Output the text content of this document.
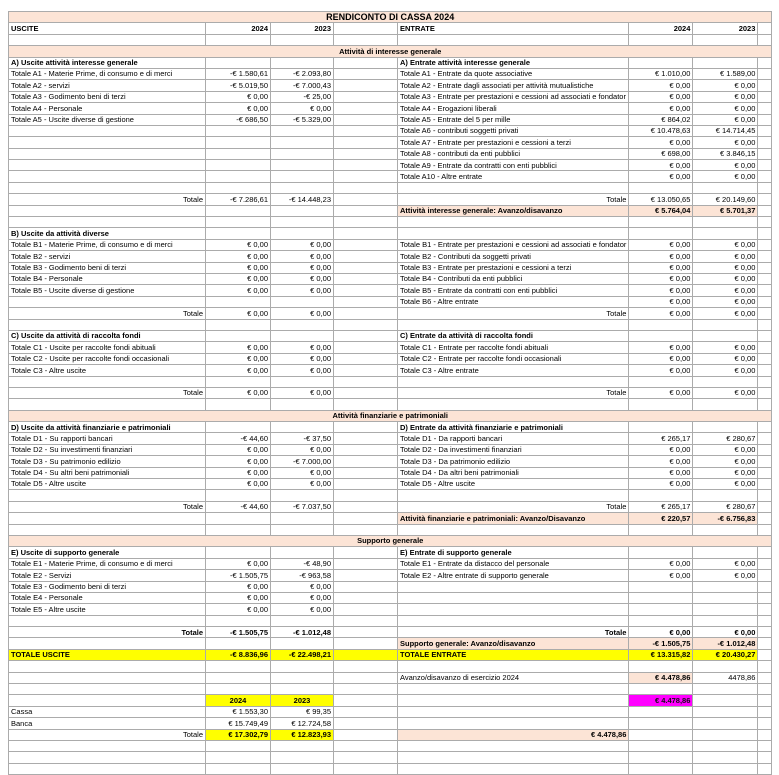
RENDICONTO DI CASSA 2024							
USCITE	2024	2023		ENTRATE	2024	2023	

Attività di interesse generale							
A) Uscite attività interesse generale				A) Entrate attività interesse generale			
Totale A1 - Materie Prime, di consumo e di merci	-€ 1.580,61	-€ 2.093,80		Totale A1 - Entrate da quote associative	€ 1.010,00	€ 1.589,00	
Totale A2 - servizi	-€ 5.019,50	-€ 7.000,43		Totale A2 - Entrate dagli associati per attività mutualistiche	€ 0,00	€ 0,00	
Totale A3 - Godimento beni di terzi	€ 0,00	-€ 25,00		Totale A3 - Entrate per prestazioni e cessioni ad associati e fondator	€ 0,00	€ 0,00	
Totale A4 - Personale	€ 0,00	€ 0,00		Totale A4 - Erogazioni liberali	€ 0,00	€ 0,00	
Totale A5 - Uscite diverse di gestione	-€ 686,50	-€ 5.329,00		Totale A5 - Entrate del 5 per mille	€ 864,02	€ 0,00	
				Totale A6 - contributi soggetti privati	€ 10.478,63	€ 14.714,45	
				Totale A7 - Entrate per prestazioni e cessioni a terzi	€ 0,00	€ 0,00	
				Totale A8 - contributi da enti pubblici	€ 698,00	€ 3.846,15	
				Totale A9 - Entrate da contratti con enti pubblici	€ 0,00	€ 0,00	
				Totale A10 - Altre entrate	€ 0,00	€ 0,00	

Totale	-€ 7.286,61	-€ 14.448,23		Totale	€ 13.050,65	€ 20.149,60	
				Attività interesse generale: Avanzo/disavanzo	€ 5.764,04	€ 5.701,37	

B) Uscite da attività diverse							
Totale B1 - Materie Prime, di consumo e di merci	€ 0,00	€ 0,00		Totale B1 - Entrate per prestazioni e cessioni ad associati e fondator	€ 0,00	€ 0,00	
Totale B2 - servizi	€ 0,00	€ 0,00		Totale B2 - Contributi da soggetti privati	€ 0,00	€ 0,00	
Totale B3 - Godimento beni di terzi	€ 0,00	€ 0,00		Totale B3 - Entrate per prestazioni e cessioni a terzi	€ 0,00	€ 0,00	
Totale B4 - Personale	€ 0,00	€ 0,00		Totale B4 - Contributi da enti pubblici	€ 0,00	€ 0,00	
Totale B5 - Uscite diverse di gestione	€ 0,00	€ 0,00		Totale B5 - Entrate da contratti con enti pubblici	€ 0,00	€ 0,00	
				Totale B6 - Altre entrate	€ 0,00	€ 0,00	
Totale	€ 0,00	€ 0,00		Totale	€ 0,00	€ 0,00	

C) Uscite da attività di raccolta fondi				C) Entrate da attività di raccolta fondi			
Totale C1 - Uscite per raccolte fondi abituali	€ 0,00	€ 0,00		Totale C1 - Entrate per raccolte fondi abituali	€ 0,00	€ 0,00	
Totale C2 - Uscite per raccolte fondi occasionali	€ 0,00	€ 0,00		Totale C2 - Entrate per raccolte fondi occasionali	€ 0,00	€ 0,00	
Totale C3 - Altre uscite	€ 0,00	€ 0,00		Totale C3 - Altre entrate	€ 0,00	€ 0,00	

Totale	€ 0,00	€ 0,00		Totale	€ 0,00	€ 0,00	

Attività finanziarie e patrimoniali							
D) Uscite da attività finanziarie e patrimoniali				D) Entrate da attività finanziarie e patrimoniali			
Totale D1 - Su rapporti bancari	-€ 44,60	-€ 37,50		Totale D1 - Da rapporti bancari	€ 265,17	€ 280,67	
Totale D2 - Su investimenti finanziari	€ 0,00	€ 0,00		Totale D2 - Da investimenti finanziari	€ 0,00	€ 0,00	
Totale D3 - Su patrimonio edilizio	€ 0,00	-€ 7.000,00		Totale D3 - Da patrimonio edilizio	€ 0,00	€ 0,00	
Totale D4 - Su altri beni patrimoniali	€ 0,00	€ 0,00		Totale D4 - Da altri beni patrimoniali	€ 0,00	€ 0,00	
Totale D5 - Altre uscite	€ 0,00	€ 0,00		Totale D5 - Altre uscite	€ 0,00	€ 0,00	

Totale	-€ 44,60	-€ 7.037,50		Totale	€ 265,17	€ 280,67	
				Attività finanziarie e patrimoniali: Avanzo/Disavanzo	€ 220,57	-€ 6.756,83	

Supporto generale							
E) Uscite di supporto generale				E) Entrate di supporto generale			
Totale E1 - Materie Prime, di consumo e di merci	€ 0,00	-€ 48,90		Totale E1 - Entrate da distacco del personale	€ 0,00	€ 0,00	
Totale E2 - Servizi	-€ 1.505,75	-€ 963,58		Totale E2 - Altre entrate di supporto generale	€ 0,00	€ 0,00	
Totale E3 - Godimento beni di terzi	€ 0,00	€ 0,00					
Totale E4 - Personale	€ 0,00	€ 0,00					
Totale E5 - Altre uscite	€ 0,00	€ 0,00					

Totale	-€ 1.505,75	-€ 1.012,48		Totale	€ 0,00	€ 0,00	
				Supporto generale: Avanzo/disavanzo	-€ 1.505,75	-€ 1.012,48	
TOTALE USCITE	-€ 8.836,96	-€ 22.498,21		TOTALE ENTRATE	€ 13.315,82	€ 20.430,27	

				Avanzo/disavanzo di esercizio 2024	€ 4.478,86	4478,86	

	2024	2023			€ 4.478,86		
Cassa	€ 1.553,30	€ 99,35					
Banca	€ 15.749,49	€ 12.724,58					
Totale	€ 17.302,79	€ 12.823,93		€ 4.478,86			
